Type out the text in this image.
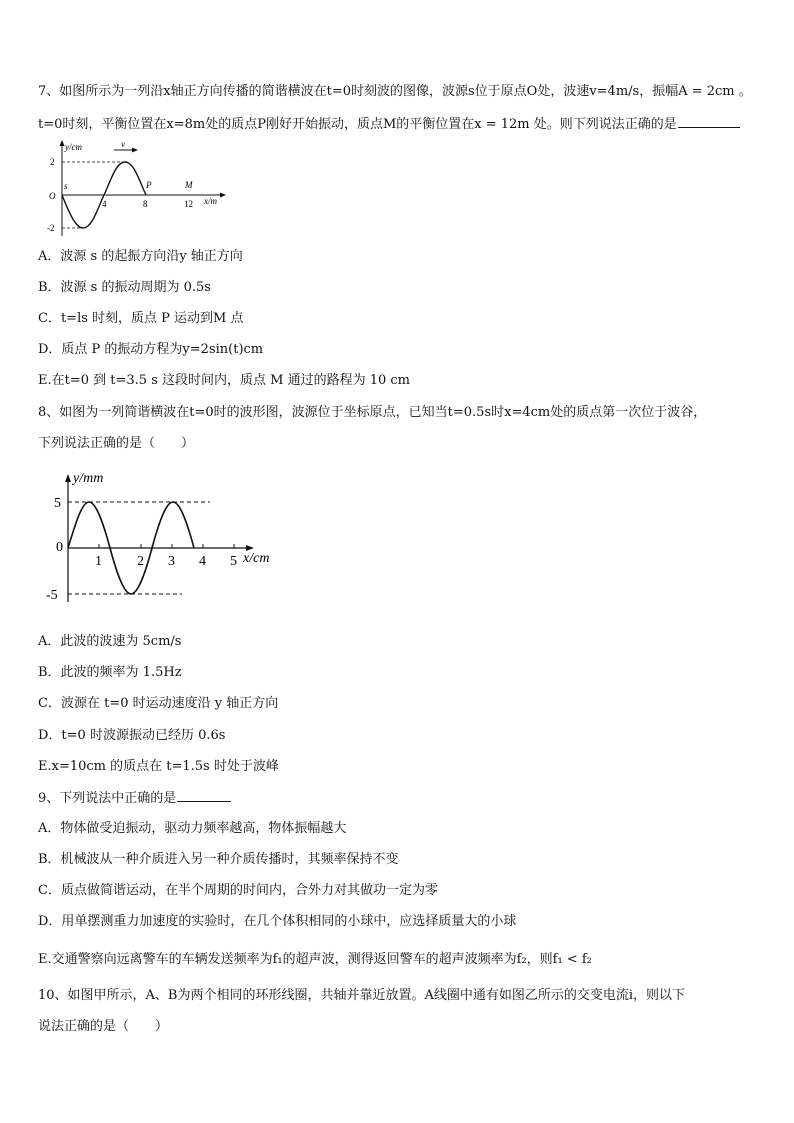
7、如图所示为一列沿x轴正方向传播的简谐横波在t=0时刻波的图像，波源s位于原点O处，波速v=4m/s，振幅A = 2cm 。
t=0时刻，平衡位置在x=8m处的质点P刚好开始振动，质点M的平衡位置在x = 12m 处。则下列说法正确的是
v
y/cm
x/m
2
-2
O
s
4	8	12
P	M
A．波源 s 的起振方向沿y 轴正方向
B．波源 s 的振动周期为 0.5s
C．t=ls 时刻，质点 P 运动到M 点
D．质点 P 的振动方程为y=2sin(t)cm
E.在t=0 到 t=3.5 s 这段时间内，质点 M 通过的路程为 10 cm
8、如图为一列简谐横波在t=0时的波形图，波源位于坐标原点，已知当t=0.5s时x=4cm处的质点第一次位于波谷，
下列说法正确的是（　　）
y/mm
x/cm
5
-5
0
1	2 3 4 5
A．此波的波速为 5cm/s
B．此波的频率为 1.5Hz
C．波源在 t=0 时运动速度沿 y 轴正方向
D．t=0 时波源振动已经历 0.6s
E.x=10cm 的质点在 t=1.5s 时处于波峰
9、下列说法中正确的是
A．物体做受迫振动，驱动力频率越高，物体振幅越大
B．机械波从一种介质进入另一种介质传播时，其频率保持不变
C．质点做简谐运动，在半个周期的时间内，合外力对其做功一定为零
D．用单摆测重力加速度的实验时，在几个体积相同的小球中，应选择质量大的小球
E.交通警察向远离警车的车辆发送频率为f₁的超声波，测得返回警车的超声波频率为f₂，则f₁ < f₂
10、如图甲所示，A、B为两个相同的环形线圈，共轴并靠近放置。A线圈中通有如图乙所示的交变电流i，则以下
说法正确的是（　　）
